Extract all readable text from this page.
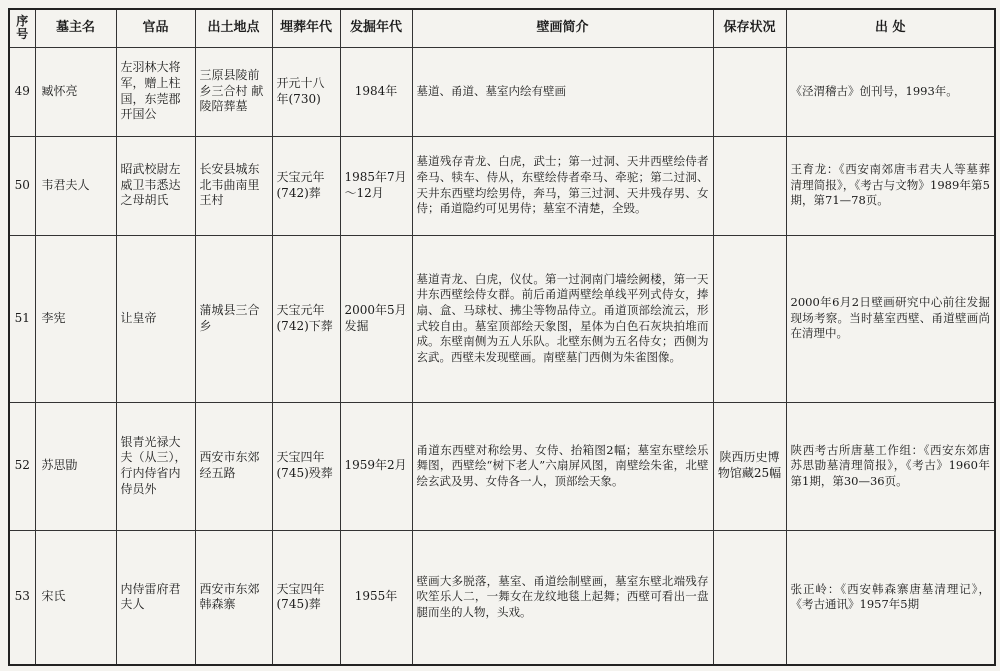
序号	墓主名	官品	出土地点	埋葬年代	发掘年代	壁画简介	保存状况	出 处
49	臧怀亮	左羽林大将军，赠上柱国，东莞郡开国公	三原县陵前乡三合村 献陵陪葬墓	开元十八年(730)	1984年	墓道、甬道、墓室内绘有壁画		《泾渭稽古》创刊号，1993年。
50	韦君夫人	昭武校尉左威卫韦悉达之母胡氏	长安县城东北韦曲南里王村	天宝元年(742)葬	1985年7月～12月	墓道残存青龙、白虎，武士；第一过洞、天井西壁绘侍者牵马、犊车、侍从，东壁绘侍者牵马、牵驼；第二过洞、天井东西壁均绘男侍，奔马，第三过洞、天井残存男、女侍；甬道隐约可见男侍；墓室不清楚，全毁。		王育龙：《西安南郊唐韦君夫人等墓葬清理简报》，《考古与文物》1989年第5期，第71—78页。
51	李宪	让皇帝	蒲城县三合乡	天宝元年(742)下葬	2000年5月发掘	墓道青龙、白虎，仪仗。第一过洞南门墙绘阙楼，第一天井东西壁绘侍女群。前后甬道两壁绘单线平列式侍女，捧扇、盒、马球杖、拂尘等物品侍立。甬道顶部绘流云，形式较自由。墓室顶部绘天象图，星体为白色石灰块拍堆而成。东壁南侧为五人乐队。北壁东侧为五名侍女；西侧为玄武。西壁未发现壁画。南壁墓门西侧为朱雀图像。		2000年6月2日壁画研究中心前往发掘现场考察。当时墓室西壁、甬道壁画尚在清理中。
52	苏思勖	银青光禄大夫（从三），行内侍省内侍员外	西安市东郊经五路	天宝四年(745)殁葬	1959年2月	甬道东西壁对称绘男、女侍、抬箱图2幅；墓室东壁绘乐舞图，西壁绘“树下老人”六扇屏风图，南壁绘朱雀，北壁绘玄武及男、女侍各一人，顶部绘天象。	陕西历史博物馆藏25幅	陕西考古所唐墓工作组：《西安东郊唐苏思勖墓清理简报》，《考古》1960年第1期，第30—36页。
53	宋氏	内侍雷府君夫人	西安市东郊韩森寨	天宝四年(745)葬	1955年	壁画大多脱落，墓室、甬道绘制壁画，墓室东壁北端残存吹笙乐人二，一舞女在龙纹地毯上起舞；西壁可看出一盘腿而坐的人物，头戏。		张正岭：《西安韩森寨唐墓清理记》，《考古通讯》1957年5期
